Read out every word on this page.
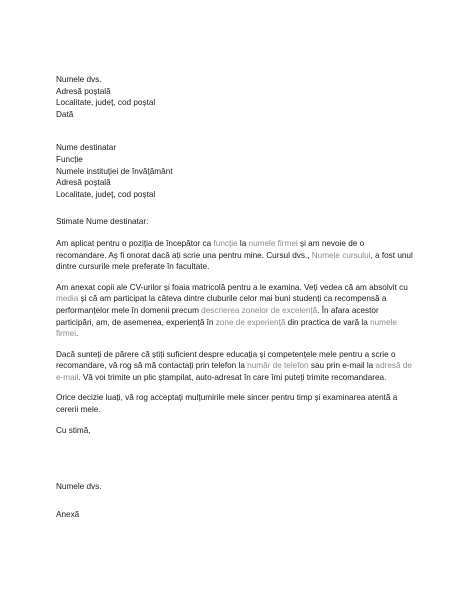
Numele dvs.
Adresă poștală
Localitate, județ, cod poștal
Dată
Nume destinatar
Funcție
Numele instituției de învățământ
Adresă poștală
Localitate, județ, cod poștal

Stimate Nume destinatar:

Am aplicat pentru o poziția de începător ca funcție la numele firmei și am nevoie de o recomandare. Aș fi onorat dacă ați scrie una pentru mine. Cursul dvs., Numele cursului, a fost unul dintre cursurile mele preferate în facultate.

Am anexat copii ale CV-urilor și foaia matricolă pentru a le examina. Veți vedea că am absolvit cu media și că am participat la câteva dintre cluburile celor mai buni studenți ca recompensă a performanțelor mele în domenii precum descrierea zonelor de excelență. În afara acestor participări, am, de asemenea, experiență în zone de experiență din practica de vară la numele firmei.

Dacă sunteți de părere că știți suficient despre educația și competențele mele pentru a scrie o recomandare, vă rog să mă contactați prin telefon la număr de telefon sau prin e-mail la adresă de e-mail. Vă voi trimite un plic ștampilat, auto-adresat în care îmi puteți trimite recomandarea.

Orice decizie luați, vă rog acceptați mulțumirile mele sincer pentru timp și examinarea atentă a cererii mele.

Cu stimă,

Numele dvs.

Anexă
